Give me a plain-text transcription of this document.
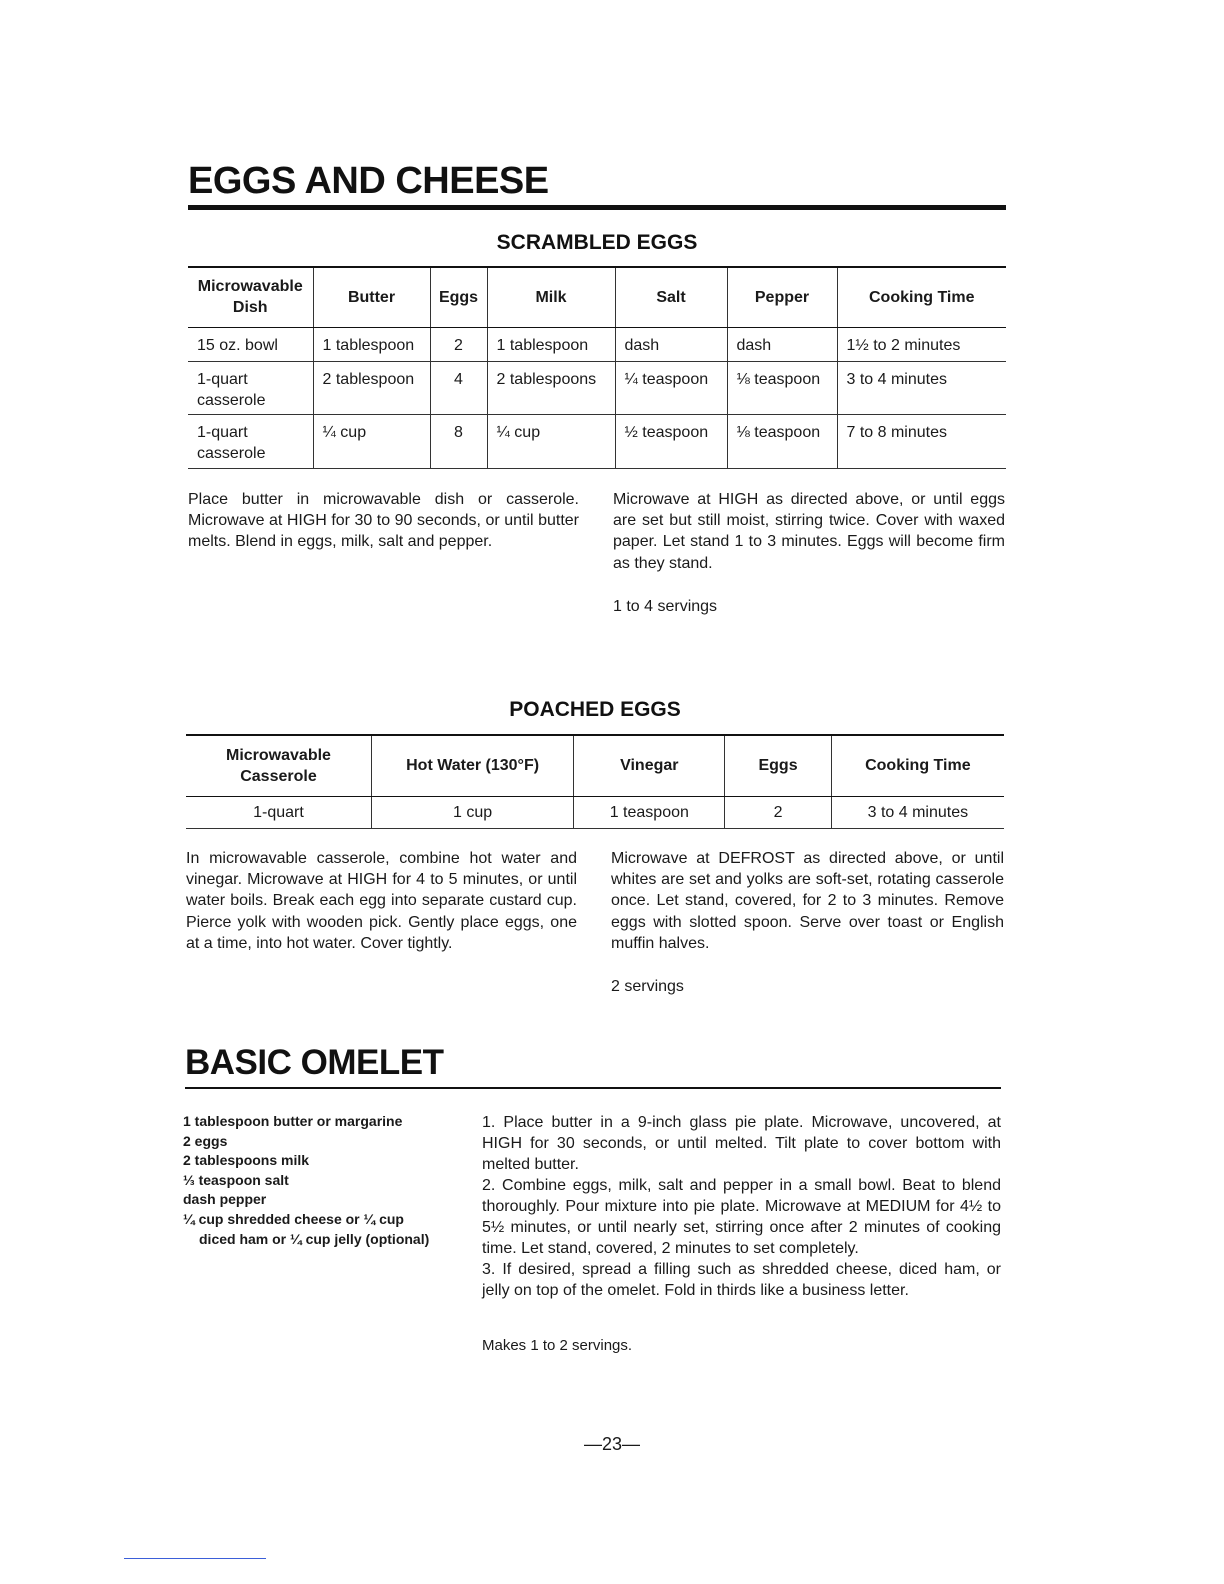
EGGS AND CHEESE
SCRAMBLED EGGS
Microwavable Dish	Butter	Eggs	Milk	Salt	Pepper	Cooking Time
15 oz. bowl	1 tablespoon	2	1 tablespoon	dash	dash	1½ to 2 minutes
1-quart casserole	2 tablespoon	4	2 tablespoons	¼ teaspoon	⅛ teaspoon	3 to 4 minutes
1-quart casserole	¼ cup	8	¼ cup	½ teaspoon	⅛ teaspoon	7 to 8 minutes
Place butter in microwavable dish or casserole. Microwave at HIGH for 30 to 90 seconds, or until butter melts. Blend in eggs, milk, salt and pepper.
Microwave at HIGH as directed above, or until eggs are set but still moist, stirring twice. Cover with waxed paper. Let stand 1 to 3 minutes. Eggs will become firm as they stand.
1 to 4 servings
POACHED EGGS
Microwavable Casserole	Hot Water (130°F)	Vinegar	Eggs	Cooking Time
1-quart	1 cup	1 teaspoon	2	3 to 4 minutes
In microwavable casserole, combine hot water and vinegar. Microwave at HIGH for 4 to 5 minutes, or until water boils. Break each egg into separate custard cup. Pierce yolk with wooden pick. Gently place eggs, one at a time, into hot water. Cover tightly.
Microwave at DEFROST as directed above, or until whites are set and yolks are soft-set, rotating casserole once. Let stand, covered, for 2 to 3 minutes. Remove eggs with slotted spoon. Serve over toast or English muffin halves.
2 servings
BASIC OMELET
1 tablespoon butter or margarine
2 eggs
2 tablespoons milk
⅓ teaspoon salt
dash pepper
¼ cup shredded cheese or ¼ cup
diced ham or ¼ cup jelly (optional)
1. Place butter in a 9-inch glass pie plate. Microwave, uncovered, at HIGH for 30 seconds, or until melted. Tilt plate to cover bottom with melted butter.
2. Combine eggs, milk, salt and pepper in a small bowl. Beat to blend thoroughly. Pour mixture into pie plate. Microwave at MEDIUM for 4½ to 5½ minutes, or until nearly set, stirring once after 2 minutes of cooking time. Let stand, covered, 2 minutes to set completely.
3. If desired, spread a filling such as shredded cheese, diced ham, or jelly on top of the omelet. Fold in thirds like a business letter.
Makes 1 to 2 servings.
—23—
